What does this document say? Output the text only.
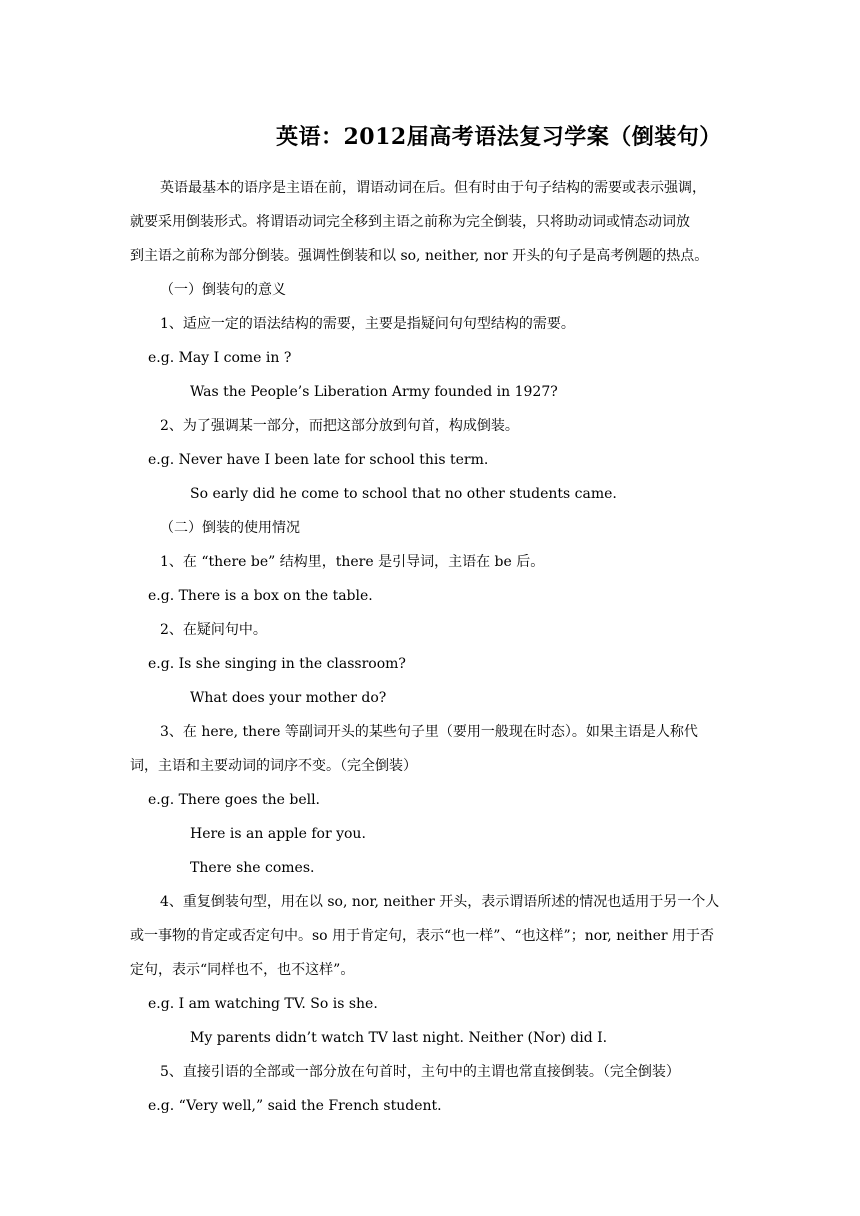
英语：2012届高考语法复习学案（倒装句）
英语最基本的语序是主语在前，谓语动词在后。但有时由于句子结构的需要或表示强调，
就要采用倒装形式。将谓语动词完全移到主语之前称为完全倒装，只将助动词或情态动词放
到主语之前称为部分倒装。强调性倒装和以 so, neither, nor 开头的句子是高考例题的热点。
（一）倒装句的意义
1、适应一定的语法结构的需要，主要是指疑问句句型结构的需要。
e.g. May I come in ?
Was the People’s Liberation Army founded in 1927?
2、为了强调某一部分，而把这部分放到句首，构成倒装。
e.g. Never have I been late for school this term.
So early did he come to school that no other students came.
（二）倒装的使用情况
1、在 “there be” 结构里，there 是引导词，主语在 be 后。
e.g. There is a box on the table.
2、在疑问句中。
e.g. Is she singing in the classroom?
What does your mother do?
3、在 here, there 等副词开头的某些句子里（要用一般现在时态）。如果主语是人称代
词，主语和主要动词的词序不变。（完全倒装）
e.g. There goes the bell.
Here is an apple for you.
There she comes.
4、重复倒装句型，用在以 so, nor, neither 开头，表示谓语所述的情况也适用于另一个人
或一事物的肯定或否定句中。so 用于肯定句，表示“也一样”、“也这样”；nor, neither 用于否
定句，表示“同样也不，也不这样”。
e.g. I am watching TV. So is she.
My parents didn’t watch TV last night. Neither (Nor) did I.
5、直接引语的全部或一部分放在句首时，主句中的主谓也常直接倒装。（完全倒装）
e.g. “Very well,” said the French student.
